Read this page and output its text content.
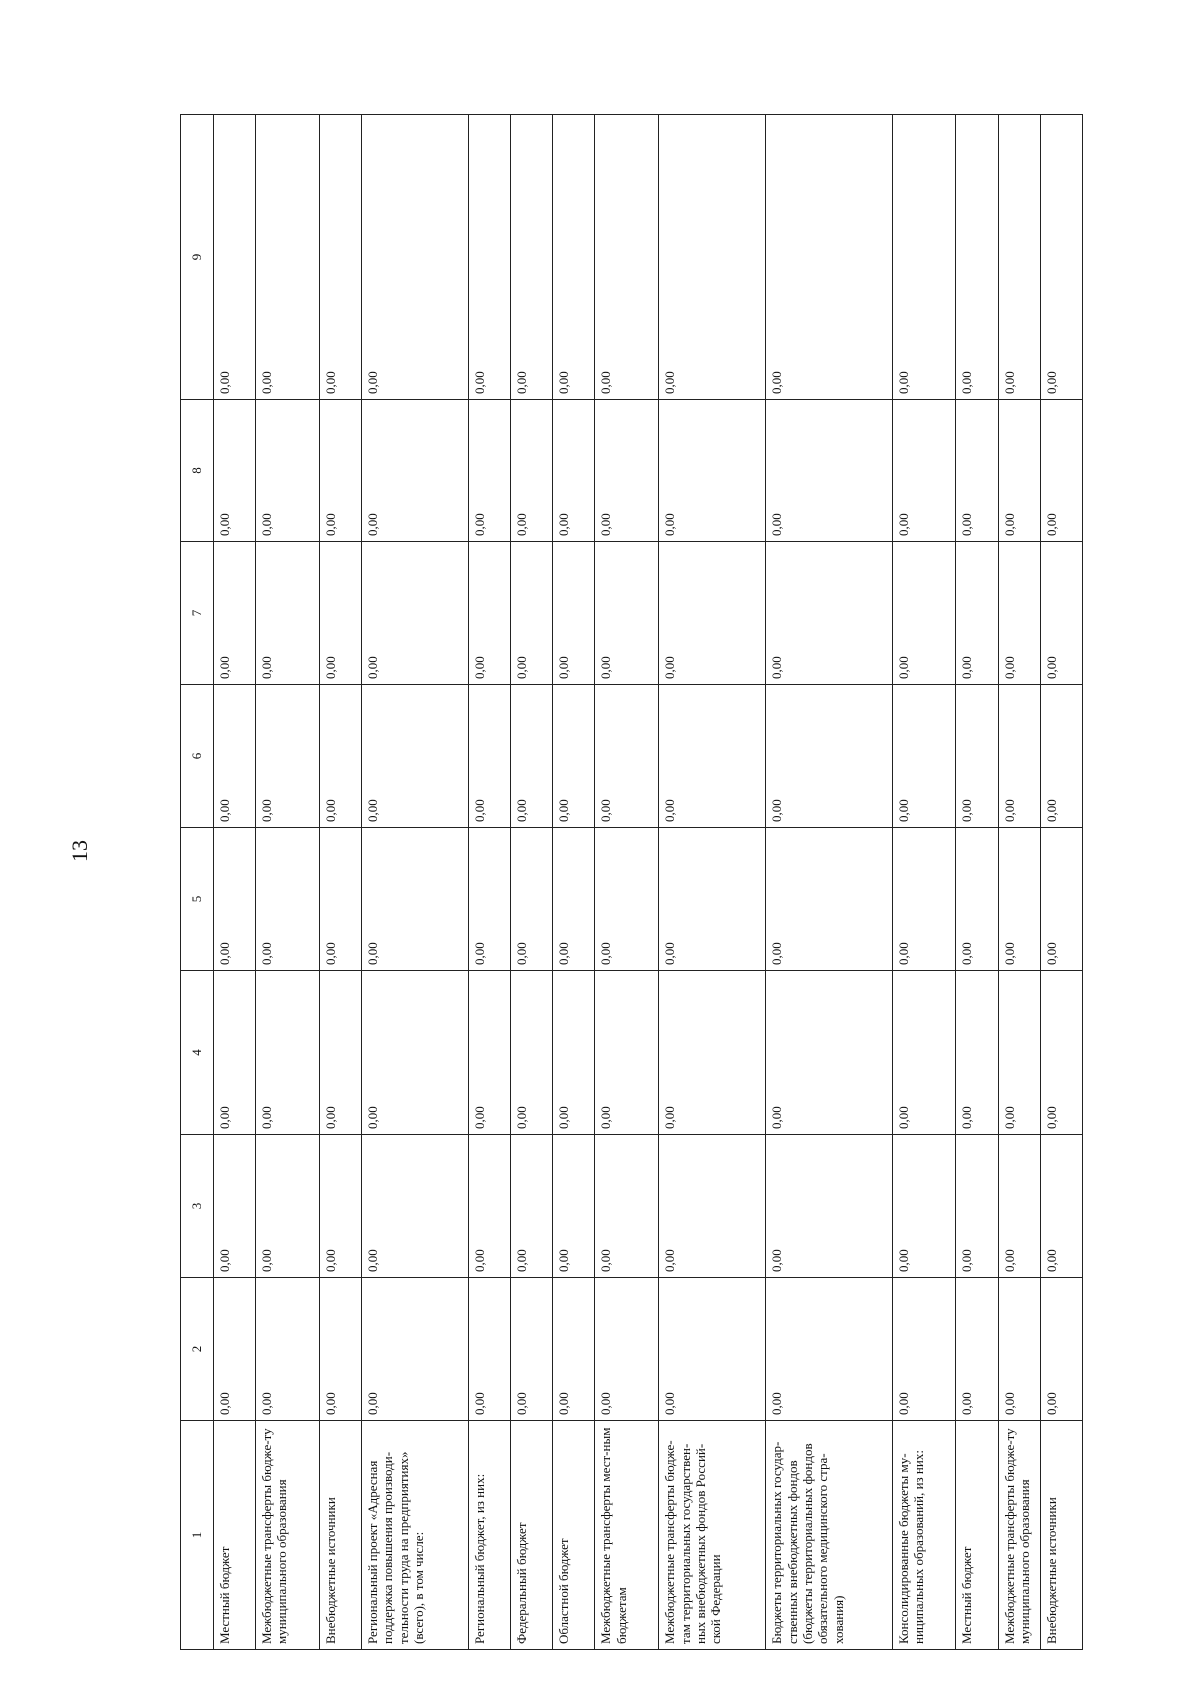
13
1	2	3	4	5	6	7	8	9
Местный бюджет	0,00	0,00	0,00	0,00	0,00	0,00	0,00	0,00
Межбюджетные трансферты бюдже-ту муниципального образования	0,00	0,00	0,00	0,00	0,00	0,00	0,00	0,00
Внебюджетные источники	0,00	0,00	0,00	0,00	0,00	0,00	0,00	0,00
Региональный проект «Адресная поддержка повышения производи-тельности труда на предприятиях» (всего), в том числе:	0,00	0,00	0,00	0,00	0,00	0,00	0,00	0,00
Региональный бюджет, из них:	0,00	0,00	0,00	0,00	0,00	0,00	0,00	0,00
Федеральный бюджет	0,00	0,00	0,00	0,00	0,00	0,00	0,00	0,00
Областной бюджет	0,00	0,00	0,00	0,00	0,00	0,00	0,00	0,00
Межбюджетные трансферты мест-ным бюджетам	0,00	0,00	0,00	0,00	0,00	0,00	0,00	0,00
Межбюджетные трансферты бюдже-там территориальных государствен-ных внебюджетных фондов Россий-ской Федерации	0,00	0,00	0,00	0,00	0,00	0,00	0,00	0,00
Бюджеты территориальных государ-ственных внебюджетных фондов (бюджеты территориальных фондов обязательного медицинского стра-хования)	0,00	0,00	0,00	0,00	0,00	0,00	0,00	0,00
Консолидированные бюджеты му-ниципальных образований, из них:	0,00	0,00	0,00	0,00	0,00	0,00	0,00	0,00
Местный бюджет	0,00	0,00	0,00	0,00	0,00	0,00	0,00	0,00
Межбюджетные трансферты бюдже-ту муниципального образования	0,00	0,00	0,00	0,00	0,00	0,00	0,00	0,00
Внебюджетные источники	0,00	0,00	0,00	0,00	0,00	0,00	0,00	0,00
